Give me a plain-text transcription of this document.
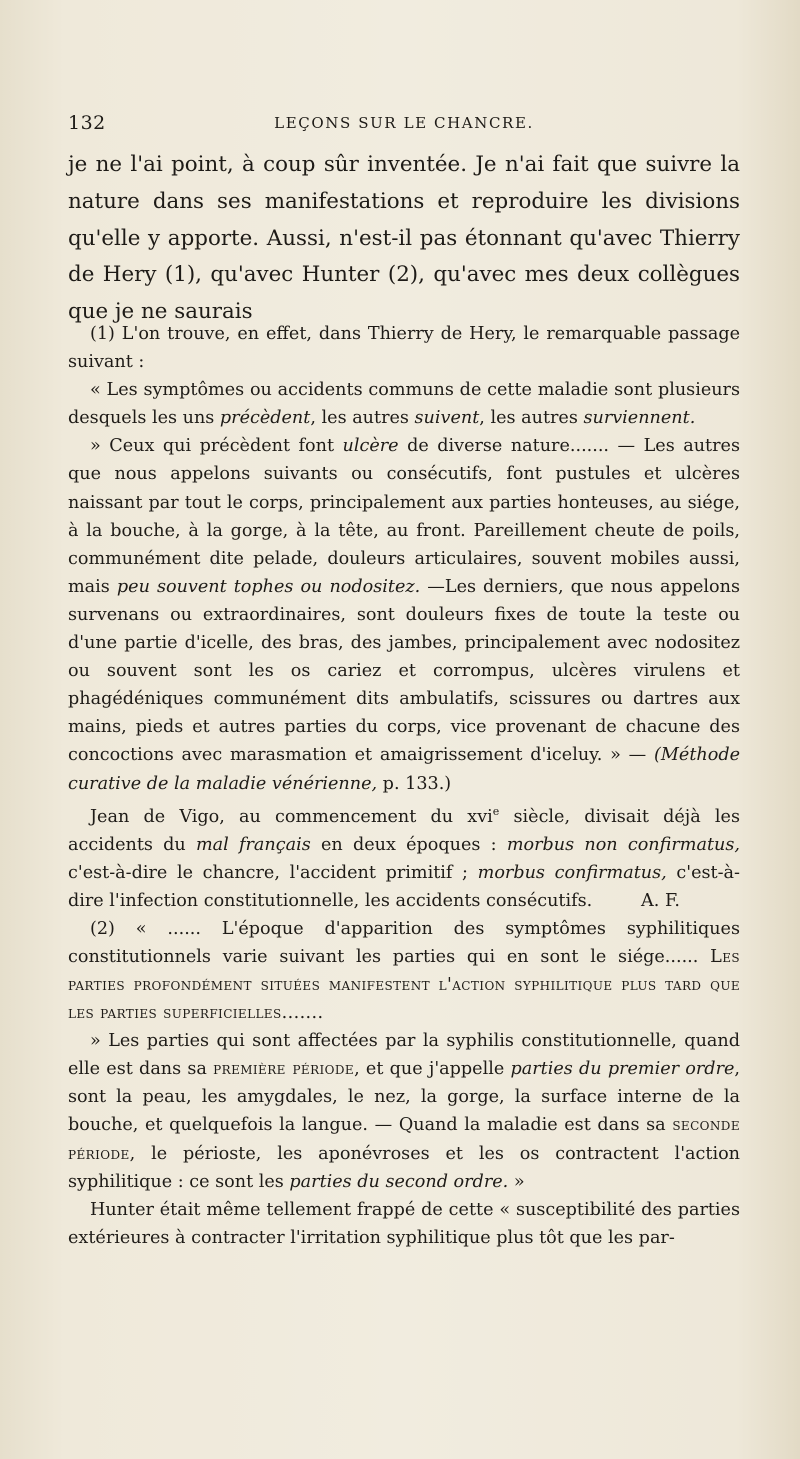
132	LEÇONS SUR LE CHANCRE.

je ne l'ai point, à coup sûr inventée. Je n'ai fait que suivre la nature dans ses manifestations et reproduire les divisions qu'elle y apporte. Aussi, n'est-il pas étonnant qu'avec Thierry de Hery (1), qu'avec Hunter (2), qu'avec mes deux collègues que je ne saurais

(1) L'on trouve, en effet, dans Thierry de Hery, le remarquable passage suivant :

« Les symptômes ou accidents communs de cette maladie sont plusieurs desquels les uns précèdent, les autres suivent, les autres surviennent.

» Ceux qui précèdent font ulcère de diverse nature....... — Les autres que nous appelons suivants ou consécutifs, font pustules et ulcères naissant par tout le corps, principalement aux parties honteuses, au siége, à la bouche, à la gorge, à la tête, au front. Pareillement cheute de poils, communément dite pelade, douleurs articulaires, souvent mobiles aussi, mais peu souvent tophes ou nodositez. —Les derniers, que nous appelons survenans ou extraordinaires, sont douleurs fixes de toute la teste ou d'une partie d'icelle, des bras, des jambes, principalement avec nodositez ou souvent sont les os cariez et corrompus, ulcères virulens et phagédéniques communément dits ambulatifs, scissures ou dartres aux mains, pieds et autres parties du corps, vice provenant de chacune des concoctions avec marasmation et amaigrissement d'iceluy. » — (Méthode curative de la maladie vénérienne, p. 133.)

Jean de Vigo, au commencement du xvi$^e$ siècle, divisait déjà les accidents du mal français en deux époques : morbus non confirmatus, c'est-à-dire le chancre, l'accident primitif ; morbus confirmatus, c'est-à-dire l'infection constitutionnelle, les accidents consécutifs.	A. F.

(2) « ...... L'époque d'apparition des symptômes syphilitiques constitutionnels varie suivant les parties qui en sont le siége...... Les parties profondément situées manifestent l'action syphilitique plus tard que les parties superficielles.......

» Les parties qui sont affectées par la syphilis constitutionnelle, quand elle est dans sa première période, et que j'appelle parties du premier ordre, sont la peau, les amygdales, le nez, la gorge, la surface interne de la bouche, et quelquefois la langue. — Quand la maladie est dans sa seconde période, le périoste, les aponévroses et les os contractent l'action syphilitique : ce sont les parties du second ordre. »

Hunter était même tellement frappé de cette « susceptibilité des parties extérieures à contracter l'irritation syphilitique plus tôt que les par-
